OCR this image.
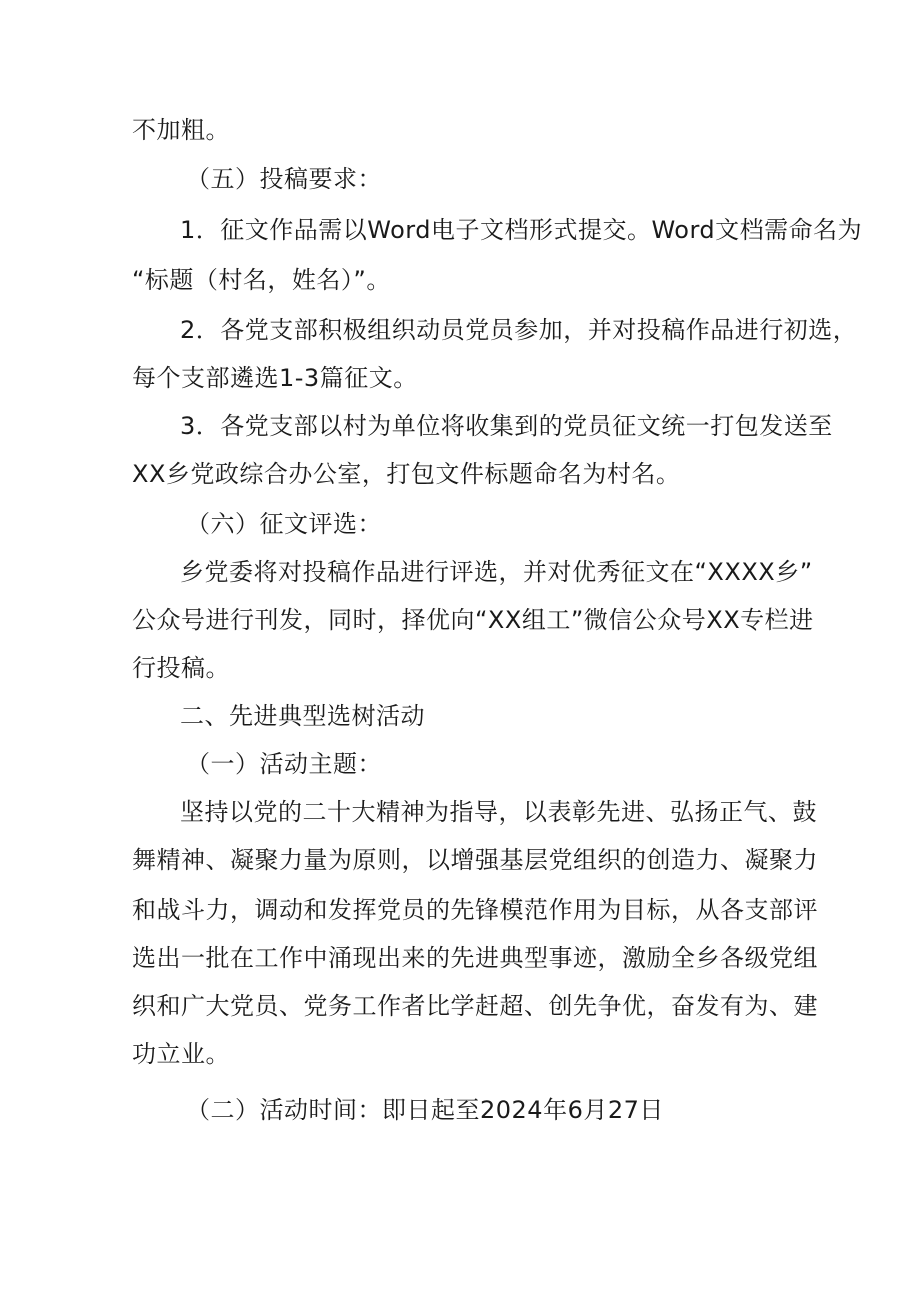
不加粗。
（五）投稿要求：
1．征文作品需以Word电子文档形式提交。Word文档需命名为
“标题（村名，姓名）”。
2．各党支部积极组织动员党员参加，并对投稿作品进行初选，
每个支部遴选1-3篇征文。
3．各党支部以村为单位将收集到的党员征文统一打包发送至
XX乡党政综合办公室，打包文件标题命名为村名。
（六）征文评选：
乡党委将对投稿作品进行评选，并对优秀征文在“XXXX乡”
公众号进行刊发，同时，择优向“XX组工”微信公众号XX专栏进
行投稿。
二、先进典型选树活动
（一）活动主题：
坚持以党的二十大精神为指导，以表彰先进、弘扬正气、鼓
舞精神、凝聚力量为原则，以增强基层党组织的创造力、凝聚力
和战斗力，调动和发挥党员的先锋模范作用为目标，从各支部评
选出一批在工作中涌现出来的先进典型事迹，激励全乡各级党组
织和广大党员、党务工作者比学赶超、创先争优，奋发有为、建
功立业。
（二）活动时间：即日起至2024年6月27日
